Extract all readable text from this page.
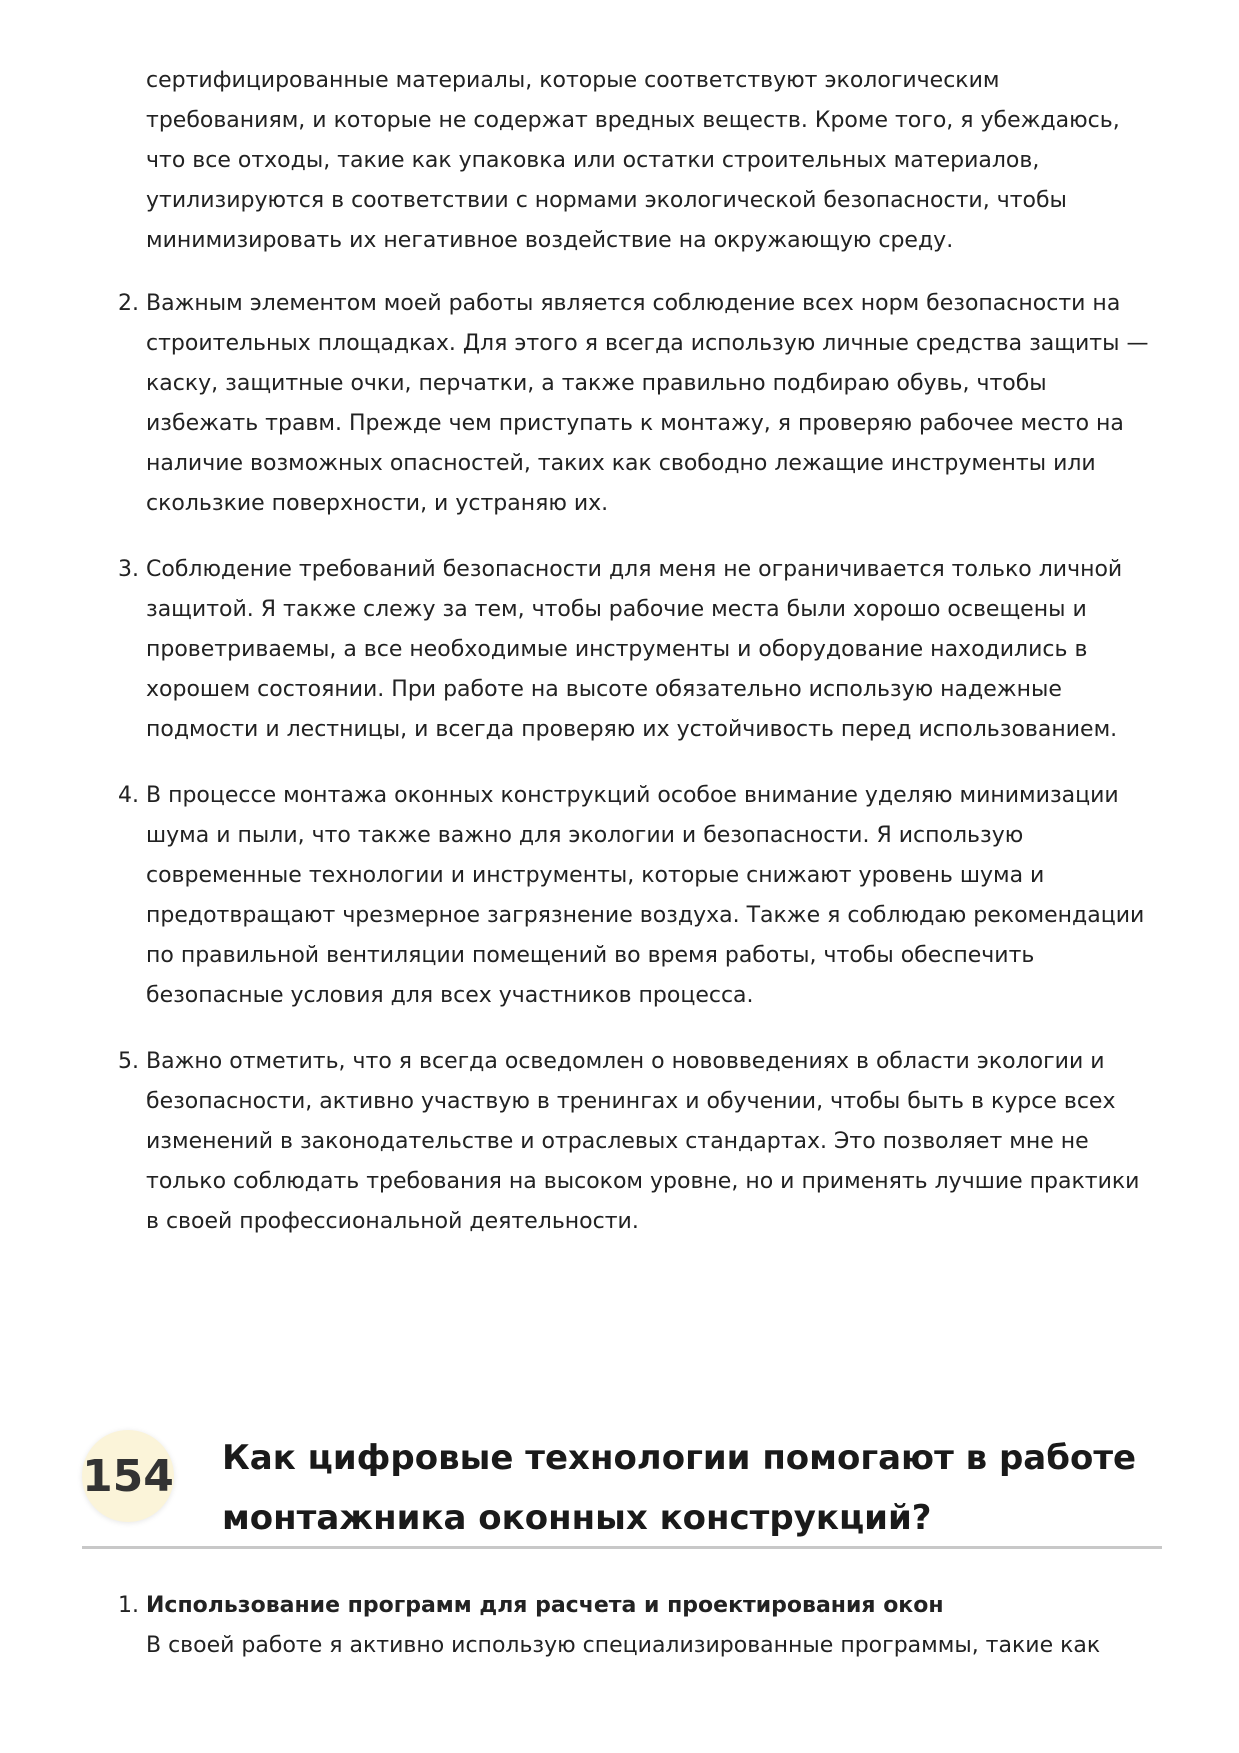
сертифицированные материалы, которые соответствуют экологическим требованиям, и которые не содержат вредных веществ. Кроме того, я убеждаюсь, что все отходы, такие как упаковка или остатки строительных материалов, утилизируются в соответствии с нормами экологической безопасности, чтобы минимизировать их негативное воздействие на окружающую среду.

2. Важным элементом моей работы является соблюдение всех норм безопасности на строительных площадках. Для этого я всегда использую личные средства защиты — каску, защитные очки, перчатки, а также правильно подбираю обувь, чтобы избежать травм. Прежде чем приступать к монтажу, я проверяю рабочее место на наличие возможных опасностей, таких как свободно лежащие инструменты или скользкие поверхности, и устраняю их.

3. Соблюдение требований безопасности для меня не ограничивается только личной защитой. Я также слежу за тем, чтобы рабочие места были хорошо освещены и проветриваемы, а все необходимые инструменты и оборудование находились в хорошем состоянии. При работе на высоте обязательно использую надежные подмости и лестницы, и всегда проверяю их устойчивость перед использованием.

4. В процессе монтажа оконных конструкций особое внимание уделяю минимизации шума и пыли, что также важно для экологии и безопасности. Я использую современные технологии и инструменты, которые снижают уровень шума и предотвращают чрезмерное загрязнение воздуха. Также я соблюдаю рекомендации по правильной вентиляции помещений во время работы, чтобы обеспечить безопасные условия для всех участников процесса.

5. Важно отметить, что я всегда осведомлен о нововведениях в области экологии и безопасности, активно участвую в тренингах и обучении, чтобы быть в курсе всех изменений в законодательстве и отраслевых стандартах. Это позволяет мне не только соблюдать требования на высоком уровне, но и применять лучшие практики в своей профессиональной деятельности.

154 Как цифровые технологии помогают в работе монтажника оконных конструкций?
1. Использование программ для расчета и проектирования окон
В своей работе я активно использую специализированные программы, такие как
